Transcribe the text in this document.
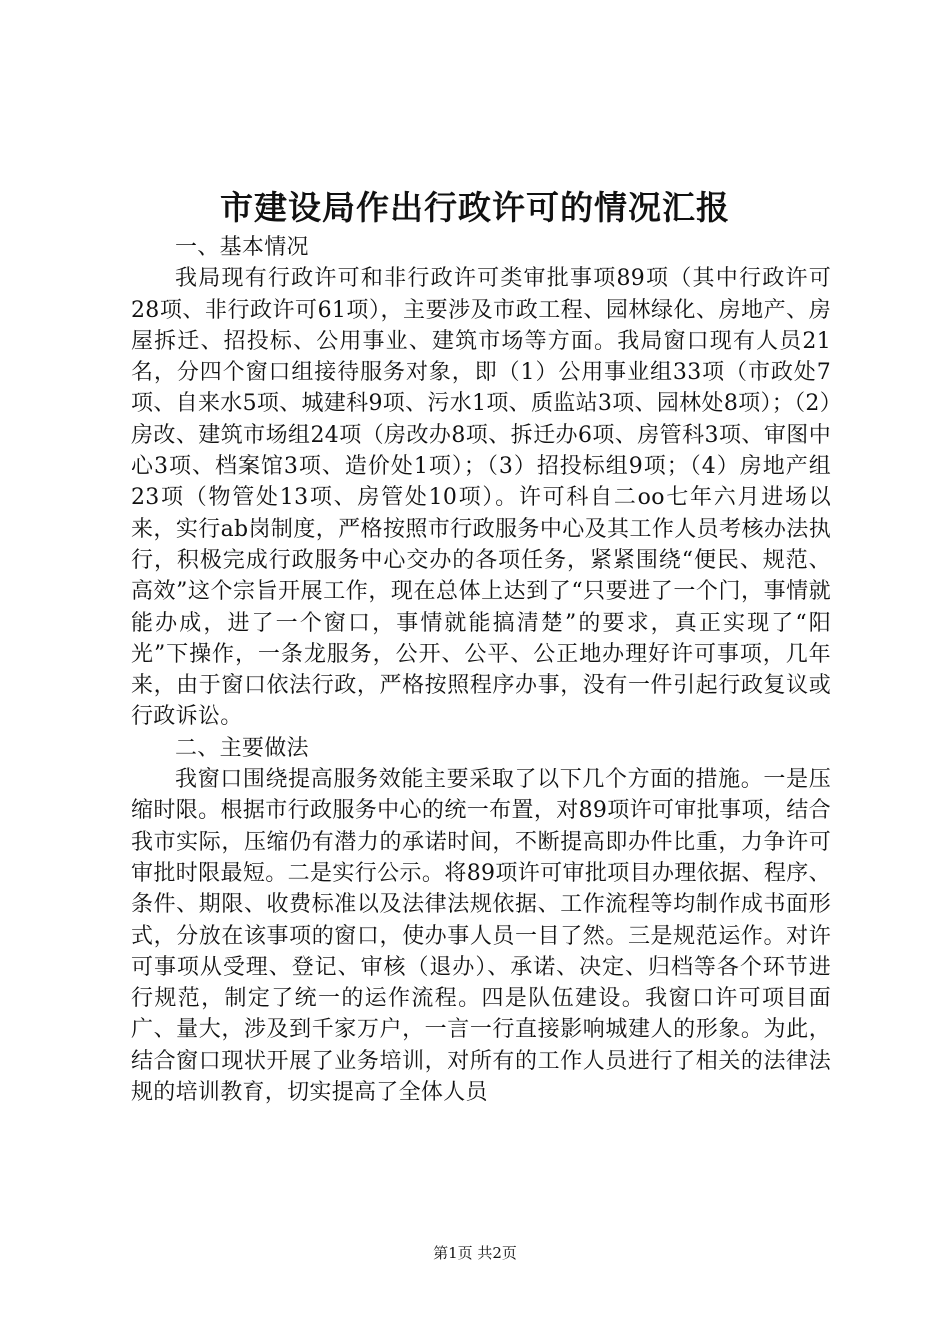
市建设局作出行政许可的情况汇报

一、基本情况

我局现有行政许可和非行政许可类审批事项89项（其中行政许可28项、非行政许可61项），主要涉及市政工程、园林绿化、房地产、房屋拆迁、招投标、公用事业、建筑市场等方面。我局窗口现有人员21名，分四个窗口组接待服务对象，即（1）公用事业组33项（市政处7项、自来水5项、城建科9项、污水1项、质监站3项、园林处8项）；（2）房改、建筑市场组24项（房改办8项、拆迁办6项、房管科3项、审图中心3项、档案馆3项、造价处1项）；（3）招投标组9项；（4）房地产组23项（物管处13项、房管处10项）。许可科自二oo七年六月进场以来，实行ab岗制度，严格按照市行政服务中心及其工作人员考核办法执行，积极完成行政服务中心交办的各项任务，紧紧围绕“便民、规范、高效”这个宗旨开展工作，现在总体上达到了“只要进了一个门，事情就能办成，进了一个窗口，事情就能搞清楚”的要求，真正实现了“阳光”下操作，一条龙服务，公开、公平、公正地办理好许可事项，几年来，由于窗口依法行政，严格按照程序办事，没有一件引起行政复议或行政诉讼。

二、主要做法

我窗口围绕提高服务效能主要采取了以下几个方面的措施。一是压缩时限。根据市行政服务中心的统一布置，对89项许可审批事项，结合我市实际，压缩仍有潜力的承诺时间，不断提高即办件比重，力争许可审批时限最短。二是实行公示。将89项许可审批项目办理依据、程序、条件、期限、收费标准以及法律法规依据、工作流程等均制作成书面形式，分放在该事项的窗口，使办事人员一目了然。三是规范运作。对许可事项从受理、登记、审核（退办）、承诺、决定、归档等各个环节进行规范，制定了统一的运作流程。四是队伍建设。我窗口许可项目面广、量大，涉及到千家万户，一言一行直接影响城建人的形象。为此，结合窗口现状开展了业务培训，对所有的工作人员进行了相关的法律法规的培训教育，切实提高了全体人员

第1页 共2页
